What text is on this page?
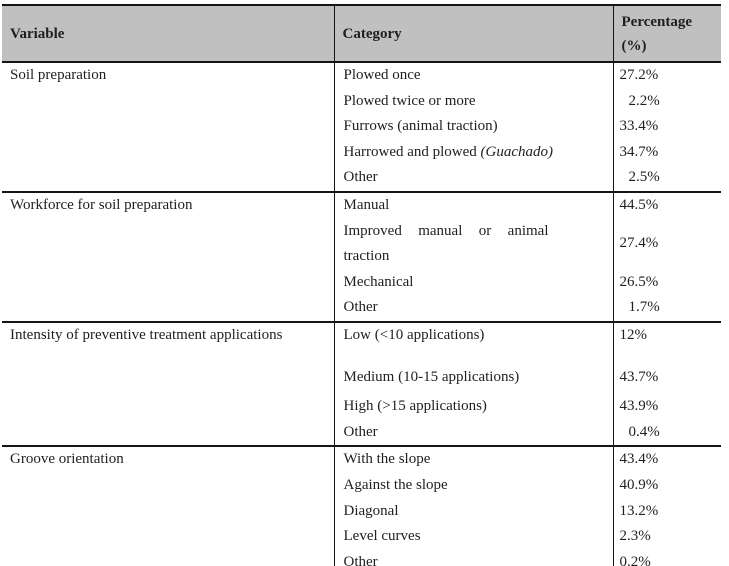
Variable	Category	Percentage (%)
Soil preparation	Plowed once	27.2%
	Plowed twice or more	2.2%
	Furrows (animal traction)	33.4%
	Harrowed and plowed (Guachado)	34.7%
	Other	2.5%
Workforce for soil preparation	Manual	44.5%

	Improved manual or animal traction	27.4%
	Mechanical	26.5%
	Other	1.7%

Intensity of preventive treatment applications	Low (<10 applications)	12%
	Medium (10-15 applications)	43.7%
	High (>15 applications)	43.9%
	Other	0.4%
Groove orientation	With the slope	43.4%
	Against the slope	40.9%
	Diagonal	13.2%
	Level curves	2.3%
	Other	0.2%
